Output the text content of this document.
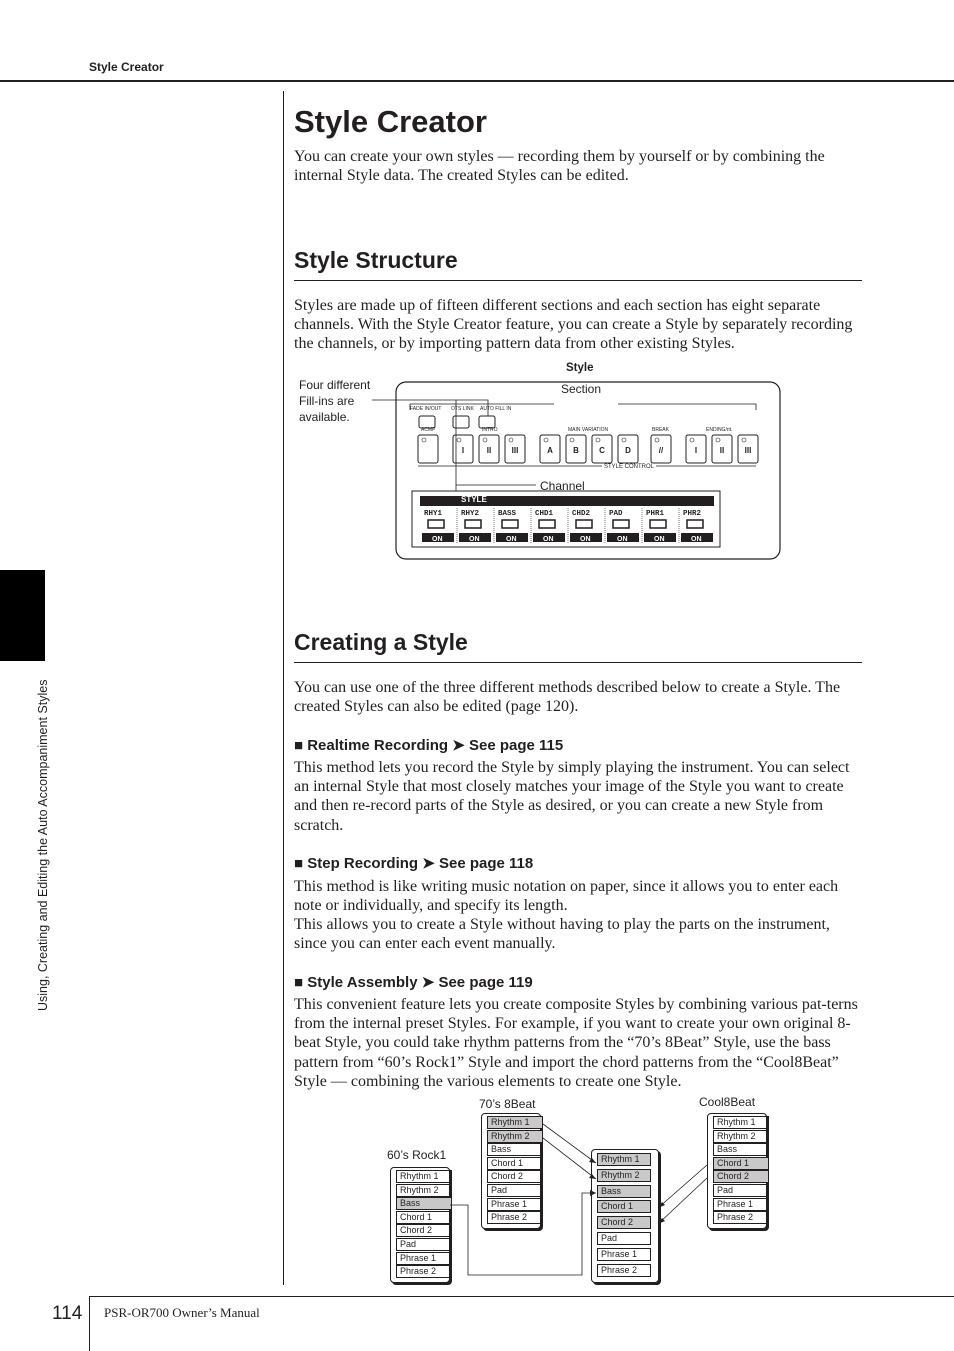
Style Creator
Using, Creating and Editing the Auto Accompaniment Styles
Style Creator

You can create your own styles — recording them by yourself or by combining the internal Style data. The created Styles can be edited.

Style Structure

Styles are made up of fifteen different sections and each section has eight separate channels. With the Style Creator feature, you can create a Style by separately recording the channels, or by importing pattern data from other existing Styles.

I	II	III	A	B	C	D	//	I	II	III
RHY1
ON
RHY2
ON
BASS
ON
CHD1
ON
CHD2
ON
PAD
ON
PHR1
ON
PHR2
ON
Style
Section
Four different Fill-ins are available.
Channel
FADE IN/OUT OTS LINK AUTO FILL IN
ACMP	INTRO	MAIN VARIATION	BREAK	ENDING/rit.
STYLE CONTROL
STYLE
Creating a Style

You can use one of the three different methods described below to create a Style. The created Styles can also be edited (page 120).

■ Realtime Recording ➤ See page 115

This method lets you record the Style by simply playing the instrument. You can select an internal Style that most closely matches your image of the Style you want to create and then re-record parts of the Style as desired, or you can create a new Style from scratch.

■ Step Recording ➤ See page 118

This method is like writing music notation on paper, since it allows you to enter each note or individually, and specify its length.

This allows you to create a Style without having to play the parts on the instrument, since you can enter each event manually.

■ Style Assembly ➤ See page 119

This convenient feature lets you create composite Styles by combining various pat-terns from the internal preset Styles. For example, if you want to create your own original 8-beat Style, you could take rhythm patterns from the “70’s 8Beat” Style, use the bass pattern from “60’s Rock1” Style and import the chord patterns from the “Cool8Beat” Style — combining the various elements to create one Style.

60’s Rock1
70’s 8Beat	Cool8Beat
Rhythm 1
Rhythm 2
Bass
Chord 1
Chord 2
Pad
Phrase 1
Phrase 2
Rhythm 1
Rhythm 2
Bass
Chord 1
Chord 2
Pad
Phrase 1
Phrase 2
Rhythm 1
Rhythm 2
Bass
Chord 1
Chord 2
Pad
Phrase 1
Phrase 2
Rhythm 1
Rhythm 2
Bass
Chord 1
Chord 2
Pad
Phrase 1
Phrase 2
114 PSR-OR700 Owner’s Manual
